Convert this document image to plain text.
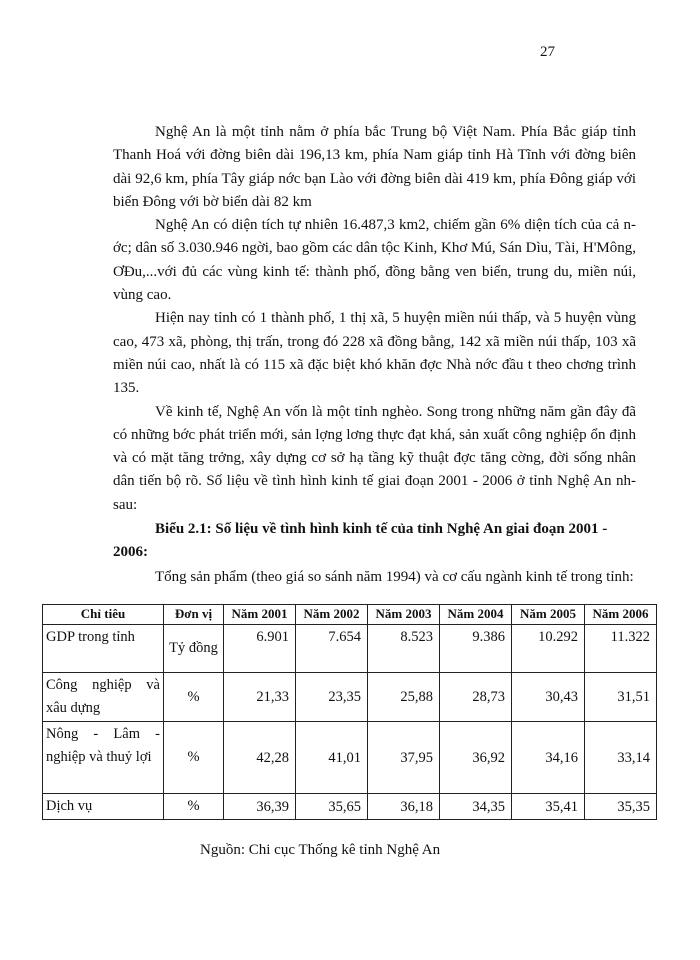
27

Nghệ An là một tỉnh nằm ở phía bắc Trung bộ Việt Nam. Phía Bắc giáp tỉnh Thanh Hoá với đờng biên dài 196,13 km, phía Nam giáp tỉnh Hà Tĩnh với đờng biên dài 92,6 km, phía Tây giáp nớc bạn Lào với đờng biên dài 419 km, phía Đông giáp với biển Đông với bờ biển dài 82 km

Nghệ An có diện tích tự nhiên 16.487,3 km2, chiếm gần 6% diện tích của cả nớc; dân số 3.030.946 ngời, bao gồm các dân tộc Kinh, Khơ Mú, Sán Dìu, Tài, H'Mông, ƠĐu,...với đủ các vùng kinh tế: thành phố, đồng bằng ven biển, trung du, miền núi, vùng cao.

Hiện nay tỉnh có 1 thành phố, 1 thị xã, 5 huyện miền núi thấp, và 5 huyện vùng cao, 473 xã, phòng, thị trấn, trong đó 228 xã đồng bằng, 142 xã miền núi thấp, 103 xã miền núi cao, nhất là có 115 xã đặc biệt khó khăn đợc Nhà nớc đầu t theo chơng trình 135.

Về kinh tế, Nghệ An vốn là một tỉnh nghèo. Song trong những năm gần đây đã có những bớc phát triển mới, sản lợng lơng thực đạt khá, sản xuất công nghiệp ổn định và có mặt tăng trởng, xây dựng cơ sở hạ tầng kỹ thuật đợc tăng cờng, đời sống nhân dân tiến bộ rõ. Số liệu về tình hình kinh tế giai đoạn 2001 - 2006 ở tỉnh Nghệ An nh sau:

Biểu 2.1: Số liệu về tình hình kinh tế của tỉnh Nghệ An giai đoạn 2001 - 2006:

Tổng sản phẩm (theo giá so sánh năm 1994) và cơ cấu ngành kinh tế trong tỉnh:

Chỉ tiêu	Đơn vị	Năm 2001	Năm 2002	Năm 2003	Năm 2004	Năm 2005	Năm 2006
GDP trong tỉnh	Tỷ đồng	6.901	7.654	8.523	9.386	10.292	11.322
Công nghiệp và xâu dựng	%	21,33	23,35	25,88	28,73	30,43	31,51
Nông - Lâm - nghiệp và thuỷ lợi	%	42,28	41,01	37,95	36,92	34,16	33,14
Dịch vụ	%	36,39	35,65	36,18	34,35	35,41	35,35
Nguồn: Chi cục Thống kê tỉnh Nghệ An
